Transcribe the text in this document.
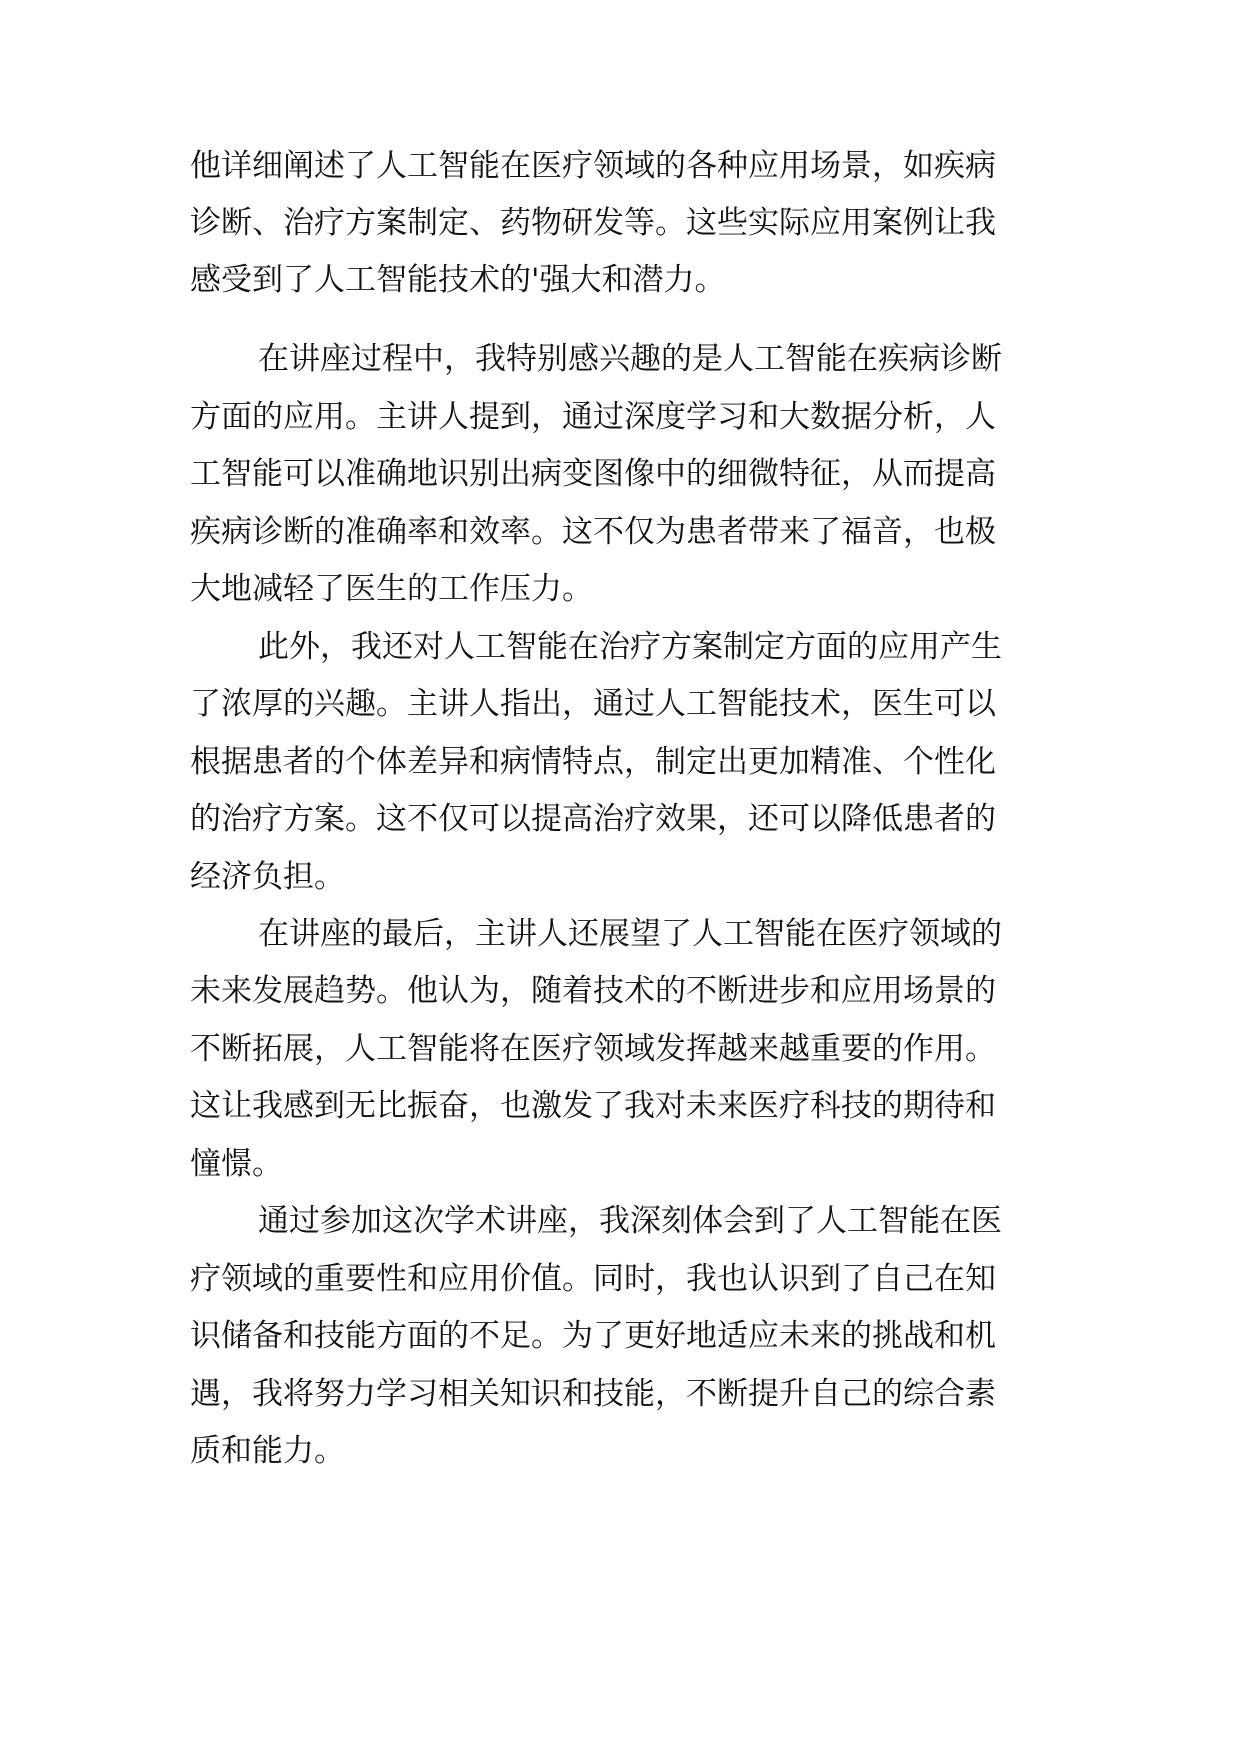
他详细阐述了人工智能在医疗领域的各种应用场景，如疾病

诊断、治疗方案制定、药物研发等。这些实际应用案例让我

感受到了人工智能技术的'强大和潜力。

在讲座过程中，我特别感兴趣的是人工智能在疾病诊断

方面的应用。主讲人提到，通过深度学习和大数据分析，人

工智能可以准确地识别出病变图像中的细微特征，从而提高

疾病诊断的准确率和效率。这不仅为患者带来了福音，也极

大地减轻了医生的工作压力。

此外，我还对人工智能在治疗方案制定方面的应用产生

了浓厚的兴趣。主讲人指出，通过人工智能技术，医生可以

根据患者的个体差异和病情特点，制定出更加精准、个性化

的治疗方案。这不仅可以提高治疗效果，还可以降低患者的

经济负担。

在讲座的最后，主讲人还展望了人工智能在医疗领域的

未来发展趋势。他认为，随着技术的不断进步和应用场景的

不断拓展，人工智能将在医疗领域发挥越来越重要的作用。

这让我感到无比振奋，也激发了我对未来医疗科技的期待和

憧憬。

通过参加这次学术讲座，我深刻体会到了人工智能在医

疗领域的重要性和应用价值。同时，我也认识到了自己在知

识储备和技能方面的不足。为了更好地适应未来的挑战和机

遇，我将努力学习相关知识和技能，不断提升自己的综合素

质和能力。
